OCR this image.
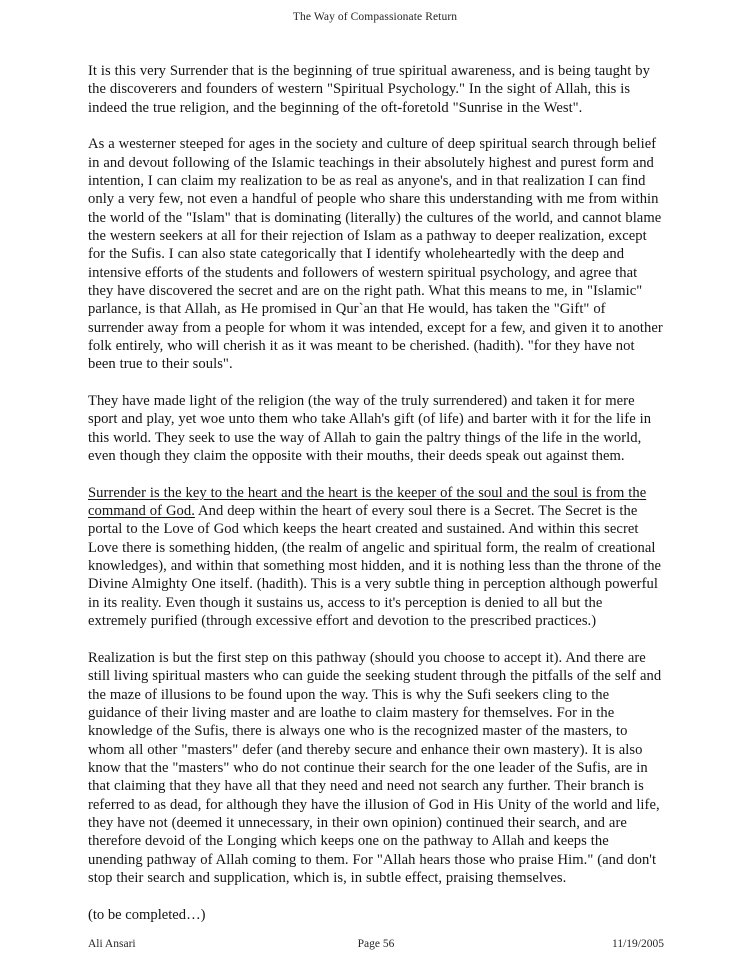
The Way of Compassionate Return

It is this very Surrender that is the beginning of true spiritual awareness, and is being taught by the discoverers and founders of western "Spiritual Psychology." In the sight of Allah, this is indeed the true religion, and the beginning of the oft-foretold "Sunrise in the West".

As a westerner steeped for ages in the society and culture of deep spiritual search through belief in and devout following of the Islamic teachings in their absolutely highest and purest form and intention, I can claim my realization to be as real as anyone's, and in that realization I can find only a very few, not even a handful of people who share this understanding with me from within the world of the "Islam" that is dominating (literally) the cultures of the world, and cannot blame the western seekers at all for their rejection of Islam as a pathway to deeper realization, except for the Sufis. I can also state categorically that I identify wholeheartedly with the deep and intensive efforts of the students and followers of western spiritual psychology, and agree that they have discovered the secret and are on the right path. What this means to me, in "Islamic" parlance, is that Allah, as He promised in Qur`an that He would, has taken the "Gift" of surrender away from a people for whom it was intended, except for a few, and given it to another folk entirely, who will cherish it as it was meant to be cherished. (hadith). "for they have not been true to their souls".

They have made light of the religion (the way of the truly surrendered) and taken it for mere sport and play, yet woe unto them who take Allah's gift (of life) and barter with it for the life in this world. They seek to use the way of Allah to gain the paltry things of the life in the world, even though they claim the opposite with their mouths, their deeds speak out against them.

Surrender is the key to the heart and the heart is the keeper of the soul and the soul is from the command of God. And deep within the heart of every soul there is a Secret. The Secret is the portal to the Love of God which keeps the heart created and sustained. And within this secret Love there is something hidden, (the realm of angelic and spiritual form, the realm of creational knowledges), and within that something most hidden, and it is nothing less than the throne of the Divine Almighty One itself. (hadith). This is a very subtle thing in perception although powerful in its reality. Even though it sustains us, access to it's perception is denied to all but the extremely purified (through excessive effort and devotion to the prescribed practices.)

Realization is but the first step on this pathway (should you choose to accept it). And there are still living spiritual masters who can guide the seeking student through the pitfalls of the self and the maze of illusions to be found upon the way. This is why the Sufi seekers cling to the guidance of their living master and are loathe to claim mastery for themselves. For in the knowledge of the Sufis, there is always one who is the recognized master of the masters, to whom all other "masters" defer (and thereby secure and enhance their own mastery). It is also know that the "masters" who do not continue their search for the one leader of the Sufis, are in that claiming that they have all that they need and need not search any further. Their branch is referred to as dead, for although they have the illusion of God in His Unity of the world and life, they have not (deemed it unnecessary, in their own opinion) continued their search, and are therefore devoid of the Longing which keeps one on the pathway to Allah and keeps the unending pathway of Allah coming to them. For "Allah hears those who praise Him." (and don't stop their search and supplication, which is, in subtle effect, praising themselves.

(to be completed…)

Ali Ansari	Page 56	11/19/2005
